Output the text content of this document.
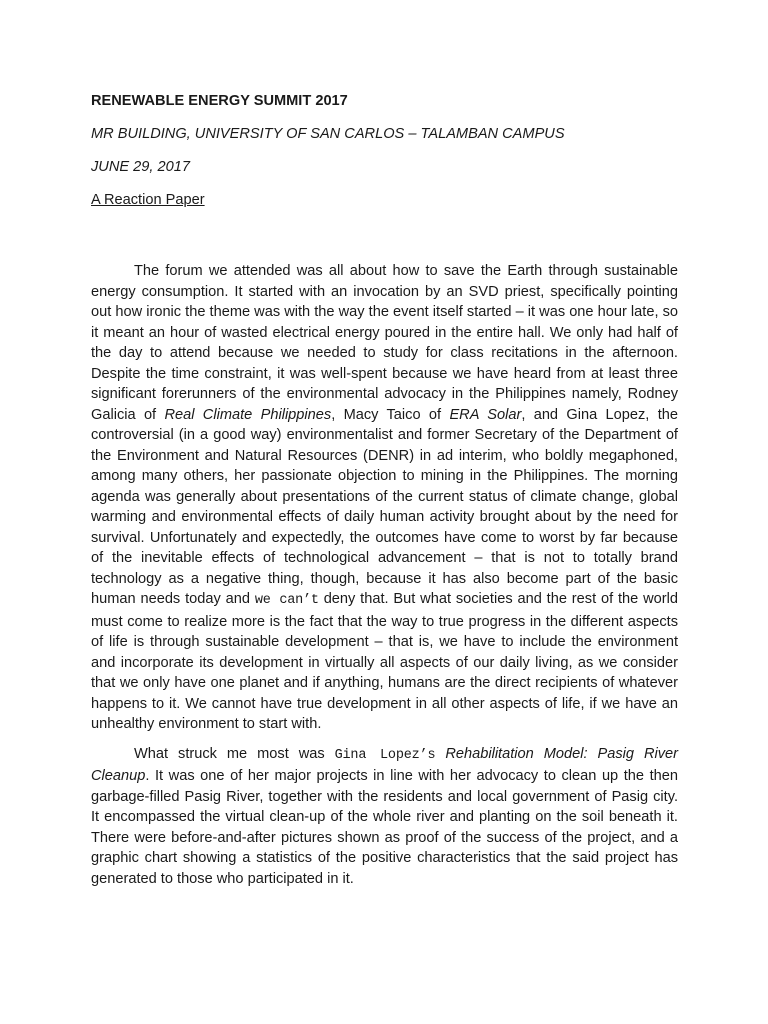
RENEWABLE ENERGY SUMMIT 2017

MR BUILDING, UNIVERSITY OF SAN CARLOS – TALAMBAN CAMPUS

JUNE 29, 2017

A Reaction Paper

The forum we attended was all about how to save the Earth through sustainable energy consumption. It started with an invocation by an SVD priest, specifically pointing out how ironic the theme was with the way the event itself started – it was one hour late, so it meant an hour of wasted electrical energy poured in the entire hall. We only had half of the day to attend because we needed to study for class recitations in the afternoon. Despite the time constraint, it was well-spent because we have heard from at least three significant forerunners of the environmental advocacy in the Philippines namely, Rodney Galicia of Real Climate Philippines, Macy Taico of ERA Solar, and Gina Lopez, the controversial (in a good way) environmentalist and former Secretary of the Department of the Environment and Natural Resources (DENR) in ad interim, who boldly megaphoned, among many others, her passionate objection to mining in the Philippines. The morning agenda was generally about presentations of the current status of climate change, global warming and environmental effects of daily human activity brought about by the need for survival. Unfortunately and expectedly, the outcomes have come to worst by far because of the inevitable effects of technological advancement – that is not to totally brand technology as a negative thing, though, because it has also become part of the basic human needs today and we can’t deny that. But what societies and the rest of the world must come to realize more is the fact that the way to true progress in the different aspects of life is through sustainable development – that is, we have to include the environment and incorporate its development in virtually all aspects of our daily living, as we consider that we only have one planet and if anything, humans are the direct recipients of whatever happens to it. We cannot have true development in all other aspects of life, if we have an unhealthy environment to start with.

What struck me most was Gina Lopez’s Rehabilitation Model: Pasig River Cleanup. It was one of her major projects in line with her advocacy to clean up the then garbage-filled Pasig River, together with the residents and local government of Pasig city. It encompassed the virtual clean-up of the whole river and planting on the soil beneath it. There were before-and-after pictures shown as proof of the success of the project, and a graphic chart showing a statistics of the positive characteristics that the said project has generated to those who participated in it.
